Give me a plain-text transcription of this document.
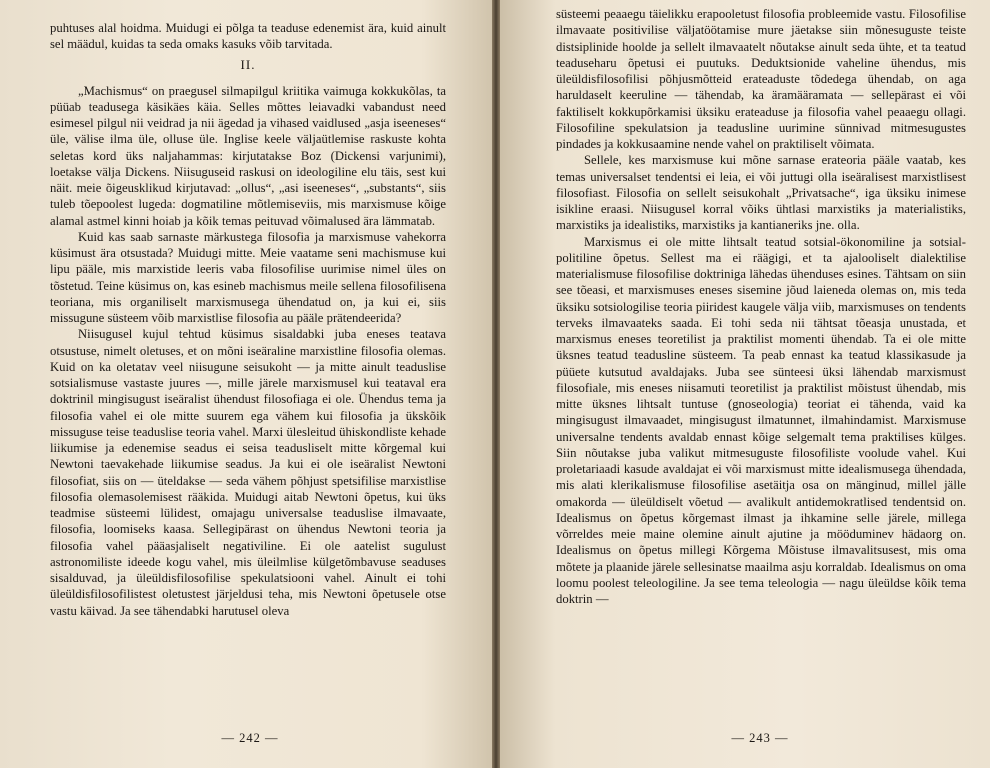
puhtuses alal hoidma. Muidugi ei põlga ta teaduse edenemist ära, kuid ainult sel määdul, kuidas ta seda omaks kasuks võib tarvitada.

II.

„Machismus“ on praegusel silmapilgul kriitika vaimuga kokkukõlas, ta püüab teadusega käsikäes käia. Selles mõttes leiavadki vabandust need esimesel pilgul nii veidrad ja nii ägedad ja vihased vaidlused „asja iseeneses“ üle, välise ilma üle, olluse üle. Inglise keele väljaütlemise raskuste kohta seletas kord üks naljahammas: kirjutatakse Boz (Dickensi varjunimi), loetakse välja Dickens. Niisuguseid raskusi on ideologiline elu täis, sest kui näit. meie õigeusklikud kirjutavad: „ollus“, „asi iseeneses“, „substants“, siis tuleb tõepoolest lugeda: dogmatiline mõtlemiseviis, mis marxismuse kõige alamal astmel kinni hoiab ja kõik temas peituvad võimalused ära lämmatab.

Kuid kas saab sarnaste märkustega filosofia ja marxismuse vahekorra küsimust ära otsustada? Muidugi mitte. Meie vaatame seni machismuse kui lipu pääle, mis marxistide leeris vaba filosofilise uurimise nimel üles on tõstetud. Teine küsimus on, kas esineb machismus meile sellena filosofilisena teoriana, mis organiliselt marxismusega ühendatud on, ja kui ei, siis missugune süsteem võib marxistlise filosofia au pääle prätendeerida?

Niisugusel kujul tehtud küsimus sisaldabki juba eneses teatava otsustuse, nimelt oletuses, et on mõni iseäraline marxistline filosofia olemas. Kuid on ka oletatav veel niisugune seisukoht — ja mitte ainult teaduslise sotsialismuse vastaste juures —, mille järele marxismusel kui teataval era doktrinil mingisugust iseäralist ühendust filosofiaga ei ole. Ühendus tema ja filosofia vahel ei ole mitte suurem ega vähem kui filosofia ja ükskõik missuguse teise teaduslise teoria vahel. Marxi ülesleitud ühiskondliste kehade liikumise ja edenemise seadus ei seisa teadusliselt mitte kõrgemal kui Newtoni taevakehade liikumise seadus. Ja kui ei ole iseäralist Newtoni filosofiat, siis on — üteldakse — seda vähem põhjust spetsifilise marxistlise filosofia olemasolemisest rääkida. Muidugi aitab Newtoni õpetus, kui üks teadmise süsteemi lülidest, omajagu universalse teaduslise ilmavaate, filosofia, loomiseks kaasa. Sellegipärast on ühendus Newtoni teoria ja filosofia vahel pääasjaliselt negativiline. Ei ole aatelist sugulust astronomiliste ideede kogu vahel, mis üleilmlise külgetõmbavuse seaduses sisalduvad, ja üleüldisfilosofilise spekulatsiooni vahel. Ainult ei tohi üleüldisfilosofilistest oletustest järjeldusi teha, mis Newtoni õpetusele otse vastu käivad. Ja see tähendabki harutusel oleva

— 242 —

süsteemi peaaegu täielikku erapooletust filosofia probleemide vastu. Filosofilise ilmavaate positivilise väljatöötamise mure jäetakse siin mõnesuguste teiste distsiplinide hoolde ja sellelt ilmavaatelt nõutakse ainult seda ühte, et ta teatud teaduseharu õpetusi ei puutuks. Deduktsionide vaheline ühendus, mis üleüldisfilosofilisi põhjusmõtteid erateaduste tõdedega ühendab, on aga haruldaselt keeruline — tähendab, ka äramääramata — sellepärast ei või faktiliselt kokkupõrkamisi üksiku erateaduse ja filosofia vahel peaaegu ollagi. Filosofiline spekulatsion ja teadusline uurimine sünnivad mitmesugustes pindades ja kokkusaamine nende vahel on praktiliselt võimata.

Sellele, kes marxismuse kui mõne sarnase erateoria pääle vaatab, kes temas universalset tendentsi ei leia, ei või juttugi olla iseäralisest marxistlisest filosofiast. Filosofia on sellelt seisukohalt „Privatsache“, iga üksiku inimese isikline eraasi. Niisugusel korral võiks ühtlasi marxistiks ja materialistiks, marxistiks ja idealistiks, marxistiks ja kantianeriks jne. olla.

Marxismus ei ole mitte lihtsalt teatud sotsial-ökonomiline ja sotsial-politiline õpetus. Sellest ma ei räägigi, et ta ajalooliselt dialektilise materialismuse filosofilise doktriniga lähedas ühenduses esines. Tähtsam on siin see tõeasi, et marxismuses eneses sisemine jõud laieneda olemas on, mis teda üksiku sotsiologilise teoria piiridest kaugele välja viib, marxismuses on tendents terveks ilmavaateks saada. Ei tohi seda nii tähtsat tõeasja unustada, et marxismus eneses teoretilist ja praktilist momenti ühendab. Ta ei ole mitte üksnes teatud teadusline süsteem. Ta peab ennast ka teatud klassikasude ja püüete kutsutud avaldajaks. Juba see sünteesi üksi lähendab marxismust filosofiale, mis eneses niisamuti teoretilist ja praktilist mõistust ühendab, mis mitte üksnes lihtsalt tuntuse (gnoseologia) teoriat ei tähenda, vaid ka mingisugust ilmavaadet, mingisugust ilmatunnet, ilmahindamist. Marxismuse universalne tendents avaldab ennast kõige selgemalt tema praktilises külges. Siin nõutakse juba valikut mitmesuguste filosofiliste voolude vahel. Kui proletariaadi kasude avaldajat ei või marxismust mitte idealismusega ühendada, mis alati klerikalismuse filosofilise asetäitja osa on mänginud, millel jälle omakorda — üleüldiselt võetud — avalikult antidemokratlised tendentsid on. Idealismus on õpetus kõrgemast ilmast ja ihkamine selle järele, millega võrreldes meie maine olemine ainult ajutine ja mööduminev hädaorg on. Idealismus on õpetus millegi Kõrgema Mõistuse ilmavalitsusest, mis oma mõtete ja plaanide järele sellesinatse maailma asju korraldab. Idealismus on oma loomu poolest teleologiline. Ja see tema teleologia — nagu üleüldse kõik tema doktrin —

— 243 —
